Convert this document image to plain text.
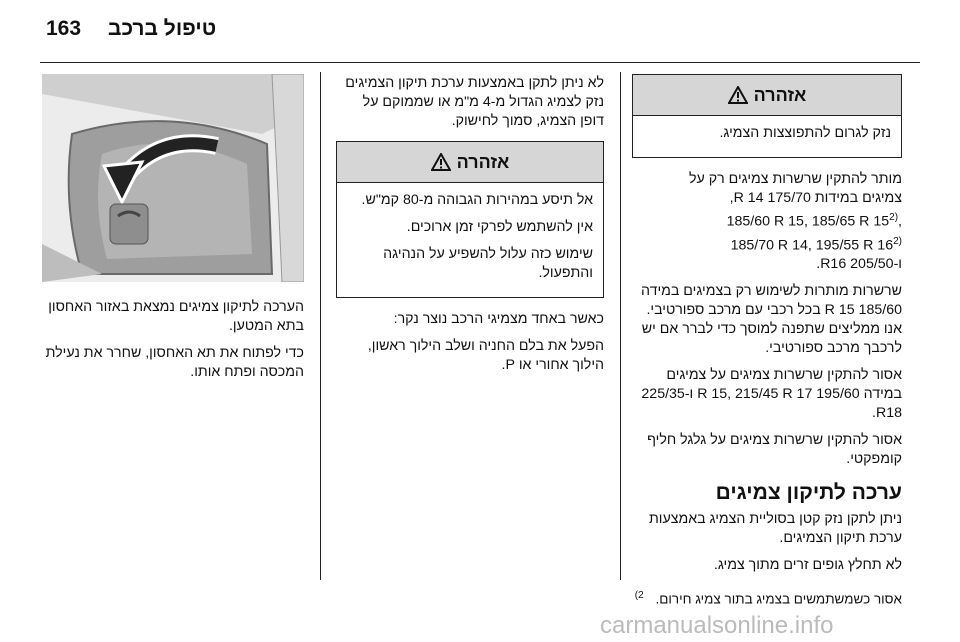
163 טיפול ברכב
אזהרה

נזק לגרום להתפוצצות הצמיג.

מותר להתקין שרשרות צמיגים רק על
צמיגים במידות 175/70 R 14,
185/60 R 15, 185/65 R 15$^{2)}$,
185/70 R 14, 195/55 R 16$^{2)}$
ו-205/50 R16.

שרשרות מותרות לשימוש רק בצמיגים במידה 185/60 R 15 בכל רכבי עם מרכב ספורטיבי. אנו ממליצים שתפנה למוסך כדי לברר אם יש לרכבך מרכב ספורטיבי.

אסור להתקין שרשרות צמיגים על צמיגים במידה 195/60 R 15, 215/45 R 17 ו-225/35 R18.

אסור להתקין שרשרות צמיגים על גלגל חליף קומפקטי.

ערכה לתיקון צמיגים

ניתן לתקן נזק קטן בסוליית הצמיג באמצעות ערכת תיקון הצמיגים.

לא תחלץ גופים זרים מתוך צמיג.

לא ניתן לתקן באמצעות ערכת תיקון הצמיגים נזק לצמיג הגדול מ-4 מ"מ או שממוקם על דופן הצמיג, סמוך לחישוק.

אזהרה

אל תיסע במהירות הגבוהה מ-80 קמ"ש.

אין להשתמש לפרקי זמן ארוכים.

שימוש כזה עלול להשפיע על הנהיגה והתפעול.

כאשר באחד מצמיגי הרכב נוצר נקר:

הפעל את בלם החניה ושלב הילוך ראשון, הילוך אחורי או P.

הערכה לתיקון צמיגים נמצאת באזור האחסון בתא המטען.

כדי לפתוח את תא האחסון, שחרר את נעילת המכסה ופתח אותו.

אסור כשמשתמשים בצמיג בתור צמיג חירום. $^{2)}$
carmanualsonline.info
